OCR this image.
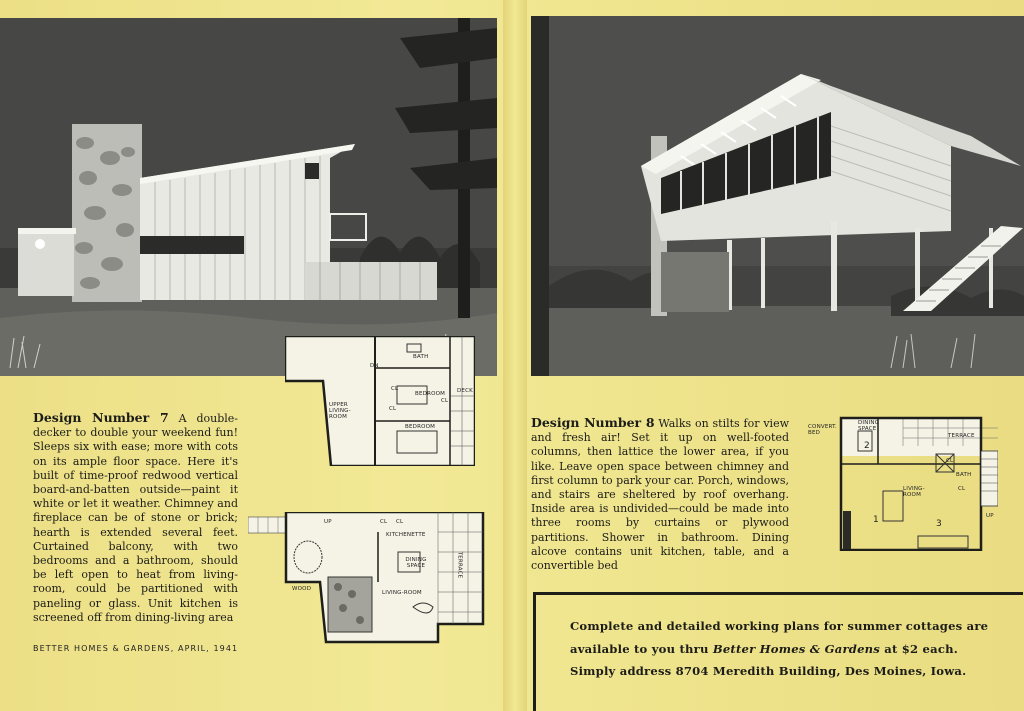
BATH
DN
BEDROOM DECK
UPPER LIVING-ROOM
CL
CL
CL
BEDROOM
UP	CL CL
KITCHENETTE
DINING SPACE	TERRACE
WOOD
LIVING-ROOM
CONVERT. BED
DINING SPACE
TERRACE
2
BATH
CL
LIVING-ROOM
1	3
CL
UP
Design Number 7 A double-decker to double your weekend fun! Sleeps six with ease; more with cots on its ample floor space. Here it's built of time-proof redwood vertical board-and-batten outside—paint it white or let it weather. Chimney and fireplace can be of stone or brick; hearth is extended several feet. Curtained balcony, with two bedrooms and a bathroom, should be left open to heat from living-room, could be partitioned with paneling or glass. Unit kitchen is screened off from dining-living area
Design Number 8 Walks on stilts for view and fresh air! Set it up on well-footed columns, then lattice the lower area, if you like. Leave open space between chimney and first column to park your car. Porch, windows, and stairs are sheltered by roof overhang. Inside area is undivided—could be made into three rooms by curtains or plywood partitions. Shower in bathroom. Dining alcove contains unit kitchen, table, and a convertible bed
BETTER HOMES & GARDENS, APRIL, 1941

Complete and detailed working plans for summer cottages are
available to you thru Better Homes & Gardens at $2 each.
Simply address 8704 Meredith Building, Des Moines, Iowa.
